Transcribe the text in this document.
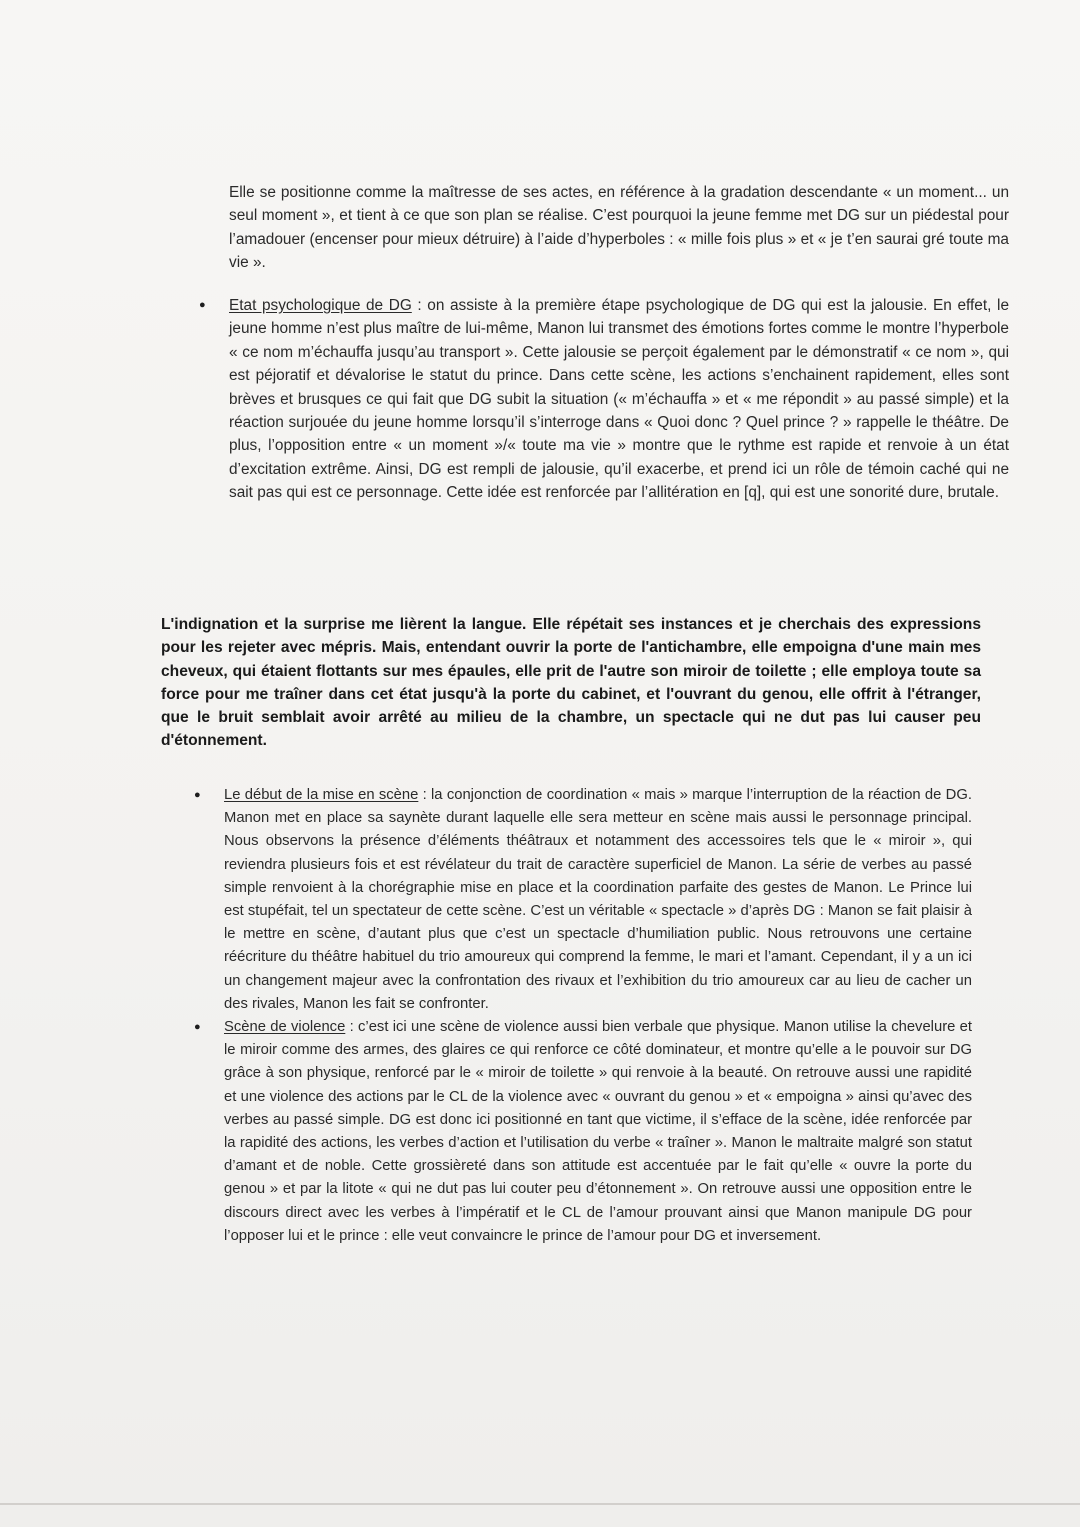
Elle se positionne comme la maîtresse de ses actes, en référence à la gradation descendante « un moment... un seul moment », et tient à ce que son plan se réalise. C’est pourquoi la jeune femme met DG sur un piédestal pour l’amadouer (encenser pour mieux détruire) à l’aide d’hyperboles : « mille fois plus » et « je t’en saurai gré toute ma vie ».

● Etat psychologique de DG : on assiste à la première étape psychologique de DG qui est la jalousie. En effet, le jeune homme n’est plus maître de lui-même, Manon lui transmet des émotions fortes comme le montre l’hyperbole « ce nom m’échauffa jusqu’au transport ». Cette jalousie se perçoit également par le démonstratif « ce nom », qui est péjoratif et dévalorise le statut du prince. Dans cette scène, les actions s’enchainent rapidement, elles sont brèves et brusques ce qui fait que DG subit la situation (« m’échauffa » et « me répondit » au passé simple) et la réaction surjouée du jeune homme lorsqu’il s’interroge dans « Quoi donc ? Quel prince ? » rappelle le théâtre. De plus, l’opposition entre « un moment »/« toute ma vie » montre que le rythme est rapide et renvoie à un état d’excitation extrême. Ainsi, DG est rempli de jalousie, qu’il exacerbe, et prend ici un rôle de témoin caché qui ne sait pas qui est ce personnage. Cette idée est renforcée par l’allitération en [q], qui est une sonorité dure, brutale.

L'indignation et la surprise me lièrent la langue. Elle répétait ses instances et je cherchais des expressions pour les rejeter avec mépris. Mais, entendant ouvrir la porte de l'antichambre, elle empoigna d'une main mes cheveux, qui étaient flottants sur mes épaules, elle prit de l'autre son miroir de toilette ; elle employa toute sa force pour me traîner dans cet état jusqu'à la porte du cabinet, et l'ouvrant du genou, elle offrit à l'étranger, que le bruit semblait avoir arrêté au milieu de la chambre, un spectacle qui ne dut pas lui causer peu d'étonnement.

● Le début de la mise en scène : la conjonction de coordination « mais » marque l’interruption de la réaction de DG. Manon met en place sa saynète durant laquelle elle sera metteur en scène mais aussi le personnage principal. Nous observons la présence d’éléments théâtraux et notamment des accessoires tels que le « miroir », qui reviendra plusieurs fois et est révélateur du trait de caractère superficiel de Manon. La série de verbes au passé simple renvoient à la chorégraphie mise en place et la coordination parfaite des gestes de Manon. Le Prince lui est stupéfait, tel un spectateur de cette scène. C’est un véritable « spectacle » d’après DG : Manon se fait plaisir à le mettre en scène, d’autant plus que c’est un spectacle d’humiliation public. Nous retrouvons une certaine réécriture du théâtre habituel du trio amoureux qui comprend la femme, le mari et l’amant. Cependant, il y a un ici un changement majeur avec la confrontation des rivaux et l’exhibition du trio amoureux car au lieu de cacher un des rivales, Manon les fait se confronter.
● Scène de violence : c’est ici une scène de violence aussi bien verbale que physique. Manon utilise la chevelure et le miroir comme des armes, des glaires ce qui renforce ce côté dominateur, et montre qu’elle a le pouvoir sur DG grâce à son physique, renforcé par le « miroir de toilette » qui renvoie à la beauté. On retrouve aussi une rapidité et une violence des actions par le CL de la violence avec « ouvrant du genou » et « empoigna » ainsi qu’avec des verbes au passé simple. DG est donc ici positionné en tant que victime, il s’efface de la scène, idée renforcée par la rapidité des actions, les verbes d’action et l’utilisation du verbe « traîner ». Manon le maltraite malgré son statut d’amant et de noble. Cette grossièreté dans son attitude est accentuée par le fait qu’elle « ouvre la porte du genou » et par la litote « qui ne dut pas lui couter peu d’étonnement ». On retrouve aussi une opposition entre le discours direct avec les verbes à l’impératif et le CL de l’amour prouvant ainsi que Manon manipule DG pour l’opposer lui et le prince : elle veut convaincre le prince de l’amour pour DG et inversement.
